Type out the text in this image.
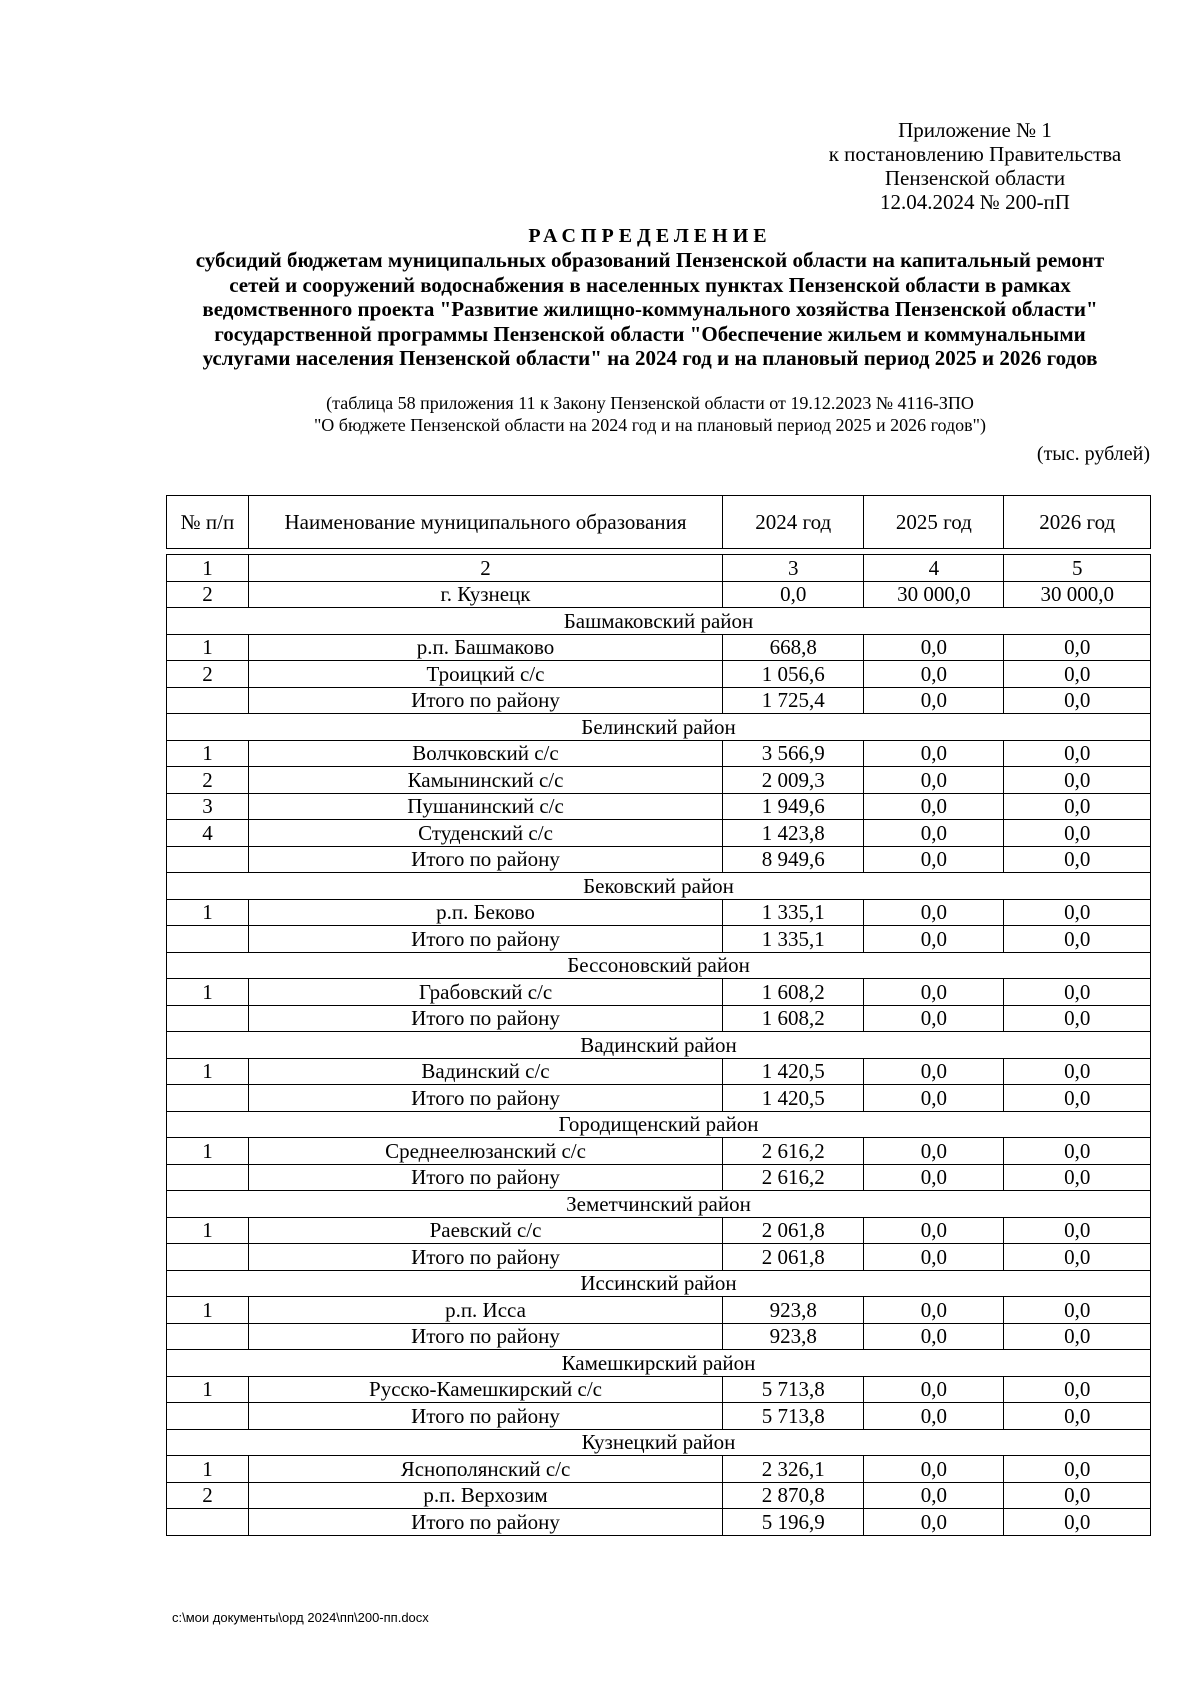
Приложение № 1
к постановлению Правительства
Пензенской области
12.04.2024 № 200-пП
РАСПРЕДЕЛЕНИЕ
субсидий бюджетам муниципальных образований Пензенской области на капитальный ремонт
сетей и сооружений водоснабжения в населенных пунктах Пензенской области в рамках
ведомственного проекта "Развитие жилищно-коммунального хозяйства Пензенской области"
государственной программы Пензенской области "Обеспечение жильем и коммунальными
услугами населения Пензенской области" на 2024 год и на плановый период 2025 и 2026 годов
(таблица 58 приложения 11 к Закону Пензенской области от 19.12.2023 № 4116-ЗПО
"О бюджете Пензенской области на 2024 год и на плановый период 2025 и 2026 годов")
(тыс. рублей)
№ п/п	Наименование муниципального образования	2024 год	2025 год	2026 год

1	2	3	4	5
2	г. Кузнецк	0,0	30 000,0	30 000,0
Башмаковский район				
1	р.п. Башмаково	668,8	0,0	0,0
2	Троицкий с/с	1 056,6	0,0	0,0
	Итого по району	1 725,4	0,0	0,0
Белинский район				
1	Волчковский с/с	3 566,9	0,0	0,0
2	Камынинский с/с	2 009,3	0,0	0,0
3	Пушанинский с/с	1 949,6	0,0	0,0
4	Студенский с/с	1 423,8	0,0	0,0
	Итого по району	8 949,6	0,0	0,0
Бековский район				
1	р.п. Беково	1 335,1	0,0	0,0
	Итого по району	1 335,1	0,0	0,0
Бессоновский район				
1	Грабовский с/с	1 608,2	0,0	0,0
	Итого по району	1 608,2	0,0	0,0
Вадинский район				
1	Вадинский с/с	1 420,5	0,0	0,0
	Итого по району	1 420,5	0,0	0,0
Городищенский район				
1	Среднеелюзанский с/с	2 616,2	0,0	0,0
	Итого по району	2 616,2	0,0	0,0
Земетчинский район				
1	Раевский с/с	2 061,8	0,0	0,0
	Итого по району	2 061,8	0,0	0,0
Иссинский район				
1	р.п. Исса	923,8	0,0	0,0
	Итого по району	923,8	0,0	0,0
Камешкирский район				
1	Русско-Камешкирский с/с	5 713,8	0,0	0,0
	Итого по району	5 713,8	0,0	0,0
Кузнецкий район				
1	Яснополянский с/с	2 326,1	0,0	0,0
2	р.п. Верхозим	2 870,8	0,0	0,0
	Итого по району	5 196,9	0,0	0,0
c:\мои документы\орд 2024\пп\200-пп.docx
